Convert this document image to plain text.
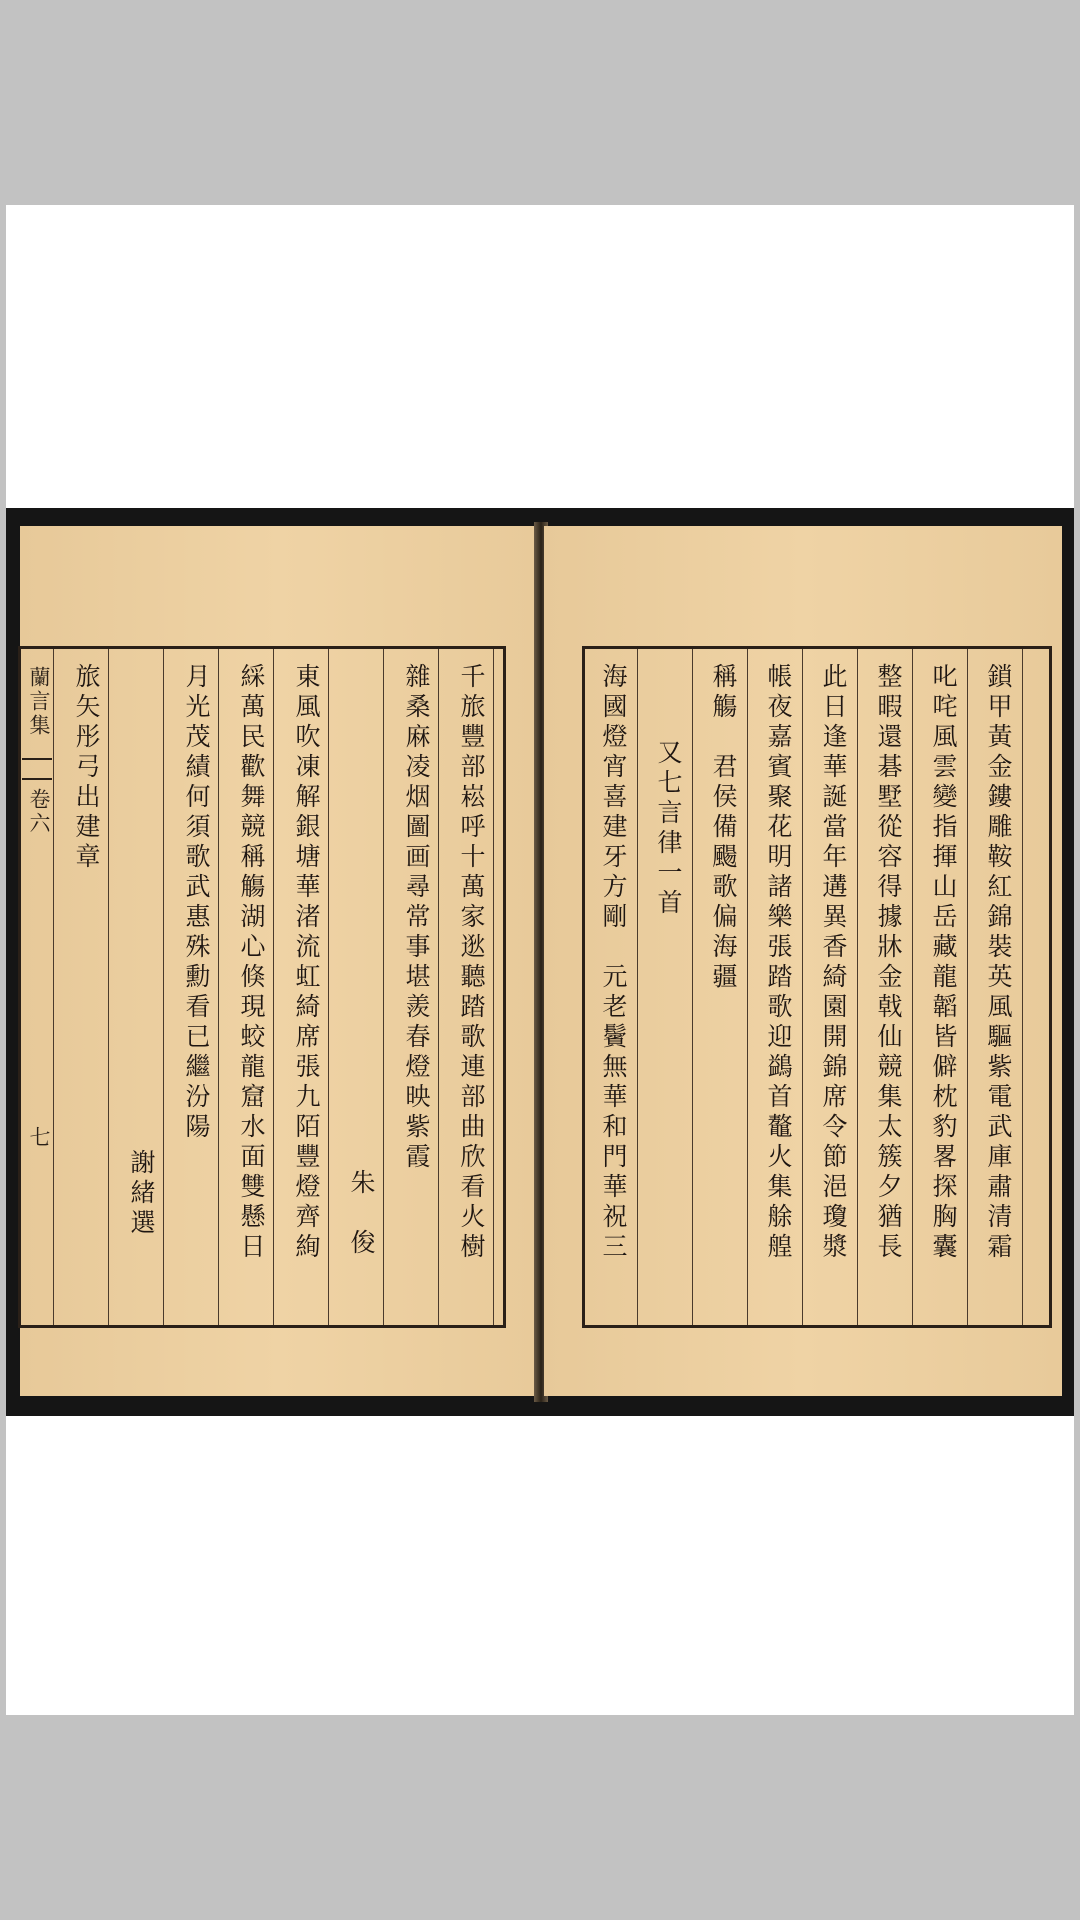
蘭言集
卷六
七	千旅豐部崧呼十萬家逖聽踏歌連部曲欣看火樹
雜桑麻凌烟圖画尋常事堪羨春燈映紫霞
朱　俊
東風吹凍解銀塘華渚流虹綺席張九陌豐燈齊絢
綵萬民歡舞競稱觴湖心倏現蛟龍窟水面雙懸日
月光茂績何須歌武惠殊勳看已繼汾陽
謝緒選
旅矢彤弓出建章	鎖甲黃金鏤雕鞍紅錦裝英風驅紫電武庫肅清霜
叱咤風雲變指揮山岳藏龍韜皆僻枕豹畧探胸囊
整暇還碁墅從容得據牀金戟仙競集太簇夕猶長
此日逢華誕當年遘異香綺園開錦席令節浥瓊漿
帳夜嘉賓聚花明諸樂張踏歌迎鷁首鼇火集艅艎
稱觴　君侯備颺歌偏海疆
又七言律一首
海國燈宵喜建牙方剛　元老鬢無華和門華祝三
